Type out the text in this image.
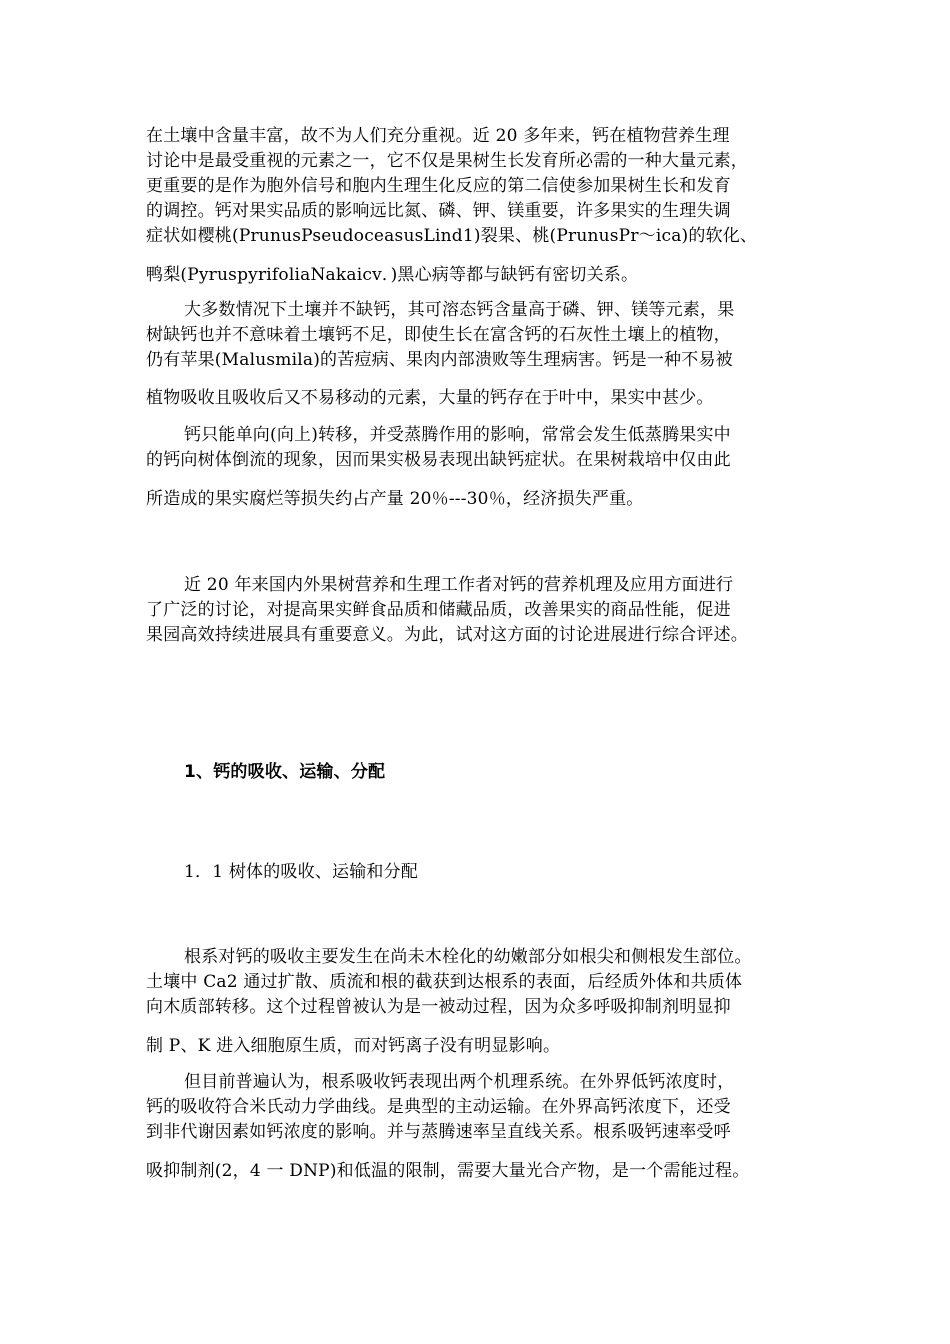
在土壤中含量丰富，故不为人们充分重视。近 20 多年来，钙在植物营养生理
讨论中是最受重视的元素之一，它不仅是果树生长发育所必需的一种大量元素，
更重要的是作为胞外信号和胞内生理生化反应的第二信使参加果树生长和发育
的调控。钙对果实品质的影响远比氮、磷、钾、镁重要，许多果实的生理失调
症状如樱桃(PrunusPseudoceasusLind1)裂果、桃(PrunusPr～ica)的软化、
鸭梨(PyruspyrifoliaNakaicv．)黑心病等都与缺钙有密切关系。
大多数情况下土壤并不缺钙，其可溶态钙含量高于磷、钾、镁等元素，果
树缺钙也并不意味着土壤钙不足，即使生长在富含钙的石灰性土壤上的植物，
仍有苹果(Malusmila)的苦痘病、果肉内部溃败等生理病害。钙是一种不易被
植物吸收且吸收后又不易移动的元素，大量的钙存在于叶中，果实中甚少。
钙只能单向(向上)转移，并受蒸腾作用的影响，常常会发生低蒸腾果实中
的钙向树体倒流的现象，因而果实极易表现出缺钙症状。在果树栽培中仅由此
所造成的果实腐烂等损失约占产量 20％---30％，经济损失严重。
近 20 年来国内外果树营养和生理工作者对钙的营养机理及应用方面进行
了广泛的讨论，对提高果实鲜食品质和储藏品质，改善果实的商品性能，促进
果园高效持续进展具有重要意义。为此，试对这方面的讨论进展进行综合评述。
1、钙的吸收、运输、分配
1．1 树体的吸收、运输和分配
根系对钙的吸收主要发生在尚未木栓化的幼嫩部分如根尖和侧根发生部位。
土壤中 Ca2 通过扩散、质流和根的截获到达根系的表面，后经质外体和共质体
向木质部转移。这个过程曾被认为是一被动过程，因为众多呼吸抑制剂明显抑
制 P、K 进入细胞原生质，而对钙离子没有明显影响。
但目前普遍认为，根系吸收钙表现出两个机理系统。在外界低钙浓度时，
钙的吸收符合米氏动力学曲线。是典型的主动运输。在外界高钙浓度下，还受
到非代谢因素如钙浓度的影响。并与蒸腾速率呈直线关系。根系吸钙速率受呼
吸抑制剂(2，4 一 DNP)和低温的限制，需要大量光合产物，是一个需能过程。
